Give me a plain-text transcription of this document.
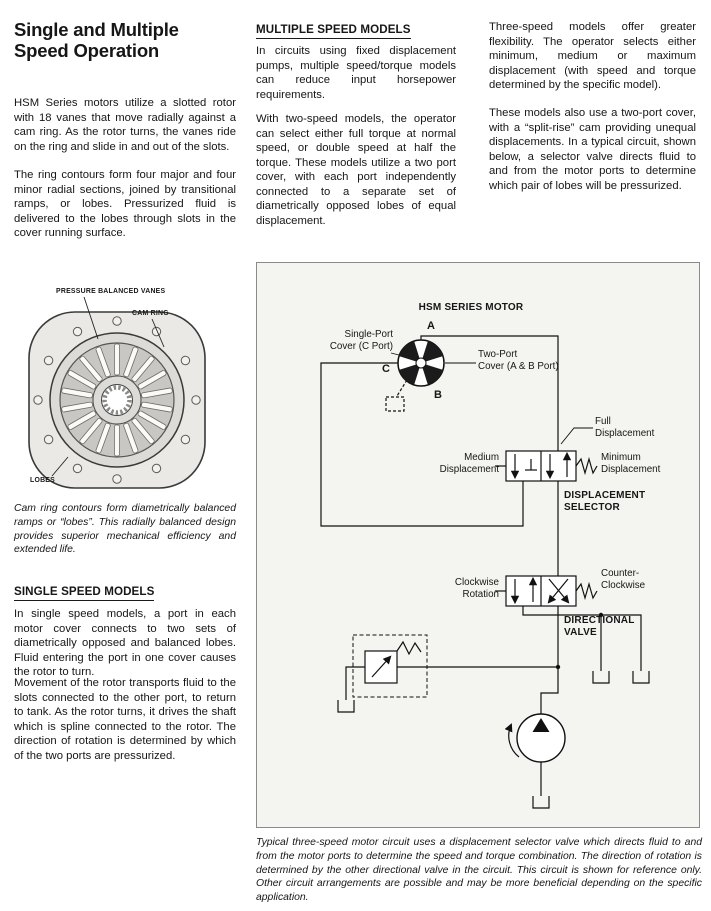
Single and Multiple
Speed Operation

HSM Series motors utilize a slotted rotor with 18 vanes that move radially against a cam ring. As the rotor turns, the vanes ride on the ring and slide in and out of the slots.

The ring contours form four major and four minor radial sections, joined by transitional ramps, or lobes. Pressurized fluid is delivered to the lobes through slots in the cover running surface.

PRESSURE BALANCED VANES
CAM RING
LOBES

Cam ring contours form diametrically balanced ramps or “lobes”. This radially balanced design provides superior mechanical efficiency and extended life.

SINGLE SPEED MODELS

In single speed models, a port in each motor cover connects to two sets of diametrically opposed and balanced lobes. Fluid entering the port in one cover causes the rotor to turn.

Movement of the rotor transports fluid to the slots connected to the other port, to return to tank. As the rotor turns, it drives the shaft which is spline connected to the rotor. The direction of rotation is determined by which of the two ports are pressurized.

MULTIPLE SPEED MODELS

In circuits using fixed displacement pumps, multiple speed/torque models can reduce input horsepower requirements.

With two-speed models, the operator can select either full torque at normal speed, or double speed at half the torque. These models utilize a two port cover, with each port independently connected to a separate set of diametrically opposed lobes of equal displacement.

Three-speed models offer greater flexibility. The operator selects either minimum, medium or maximum displacement (with speed and torque determined by the specific model).

These models also use a two-port cover, with a “split-rise” cam providing unequal displacements. In a typical circuit, shown below, a selector valve directs fluid to and from the motor ports to determine which pair of lobes will be pressurized.

HSM SERIES MOTOR
A
B
C
Single-Port
Cover (C Port)
Two-Port
Cover (A & B Port)
Full
Displacement
Medium
Displacement
Minimum
Displacement
DISPLACEMENT
SELECTOR
Clockwise
Rotation
Counter-
Clockwise
DIRECTIONAL
VALVE

Typical three-speed motor circuit uses a displacement selector valve which directs fluid to and from the motor ports to determine the speed and torque combination. The direction of rotation is determined by the other directional valve in the circuit. This circuit is shown for reference only. Other circuit arrangements are possible and may be more beneficial depending on the specific application.
